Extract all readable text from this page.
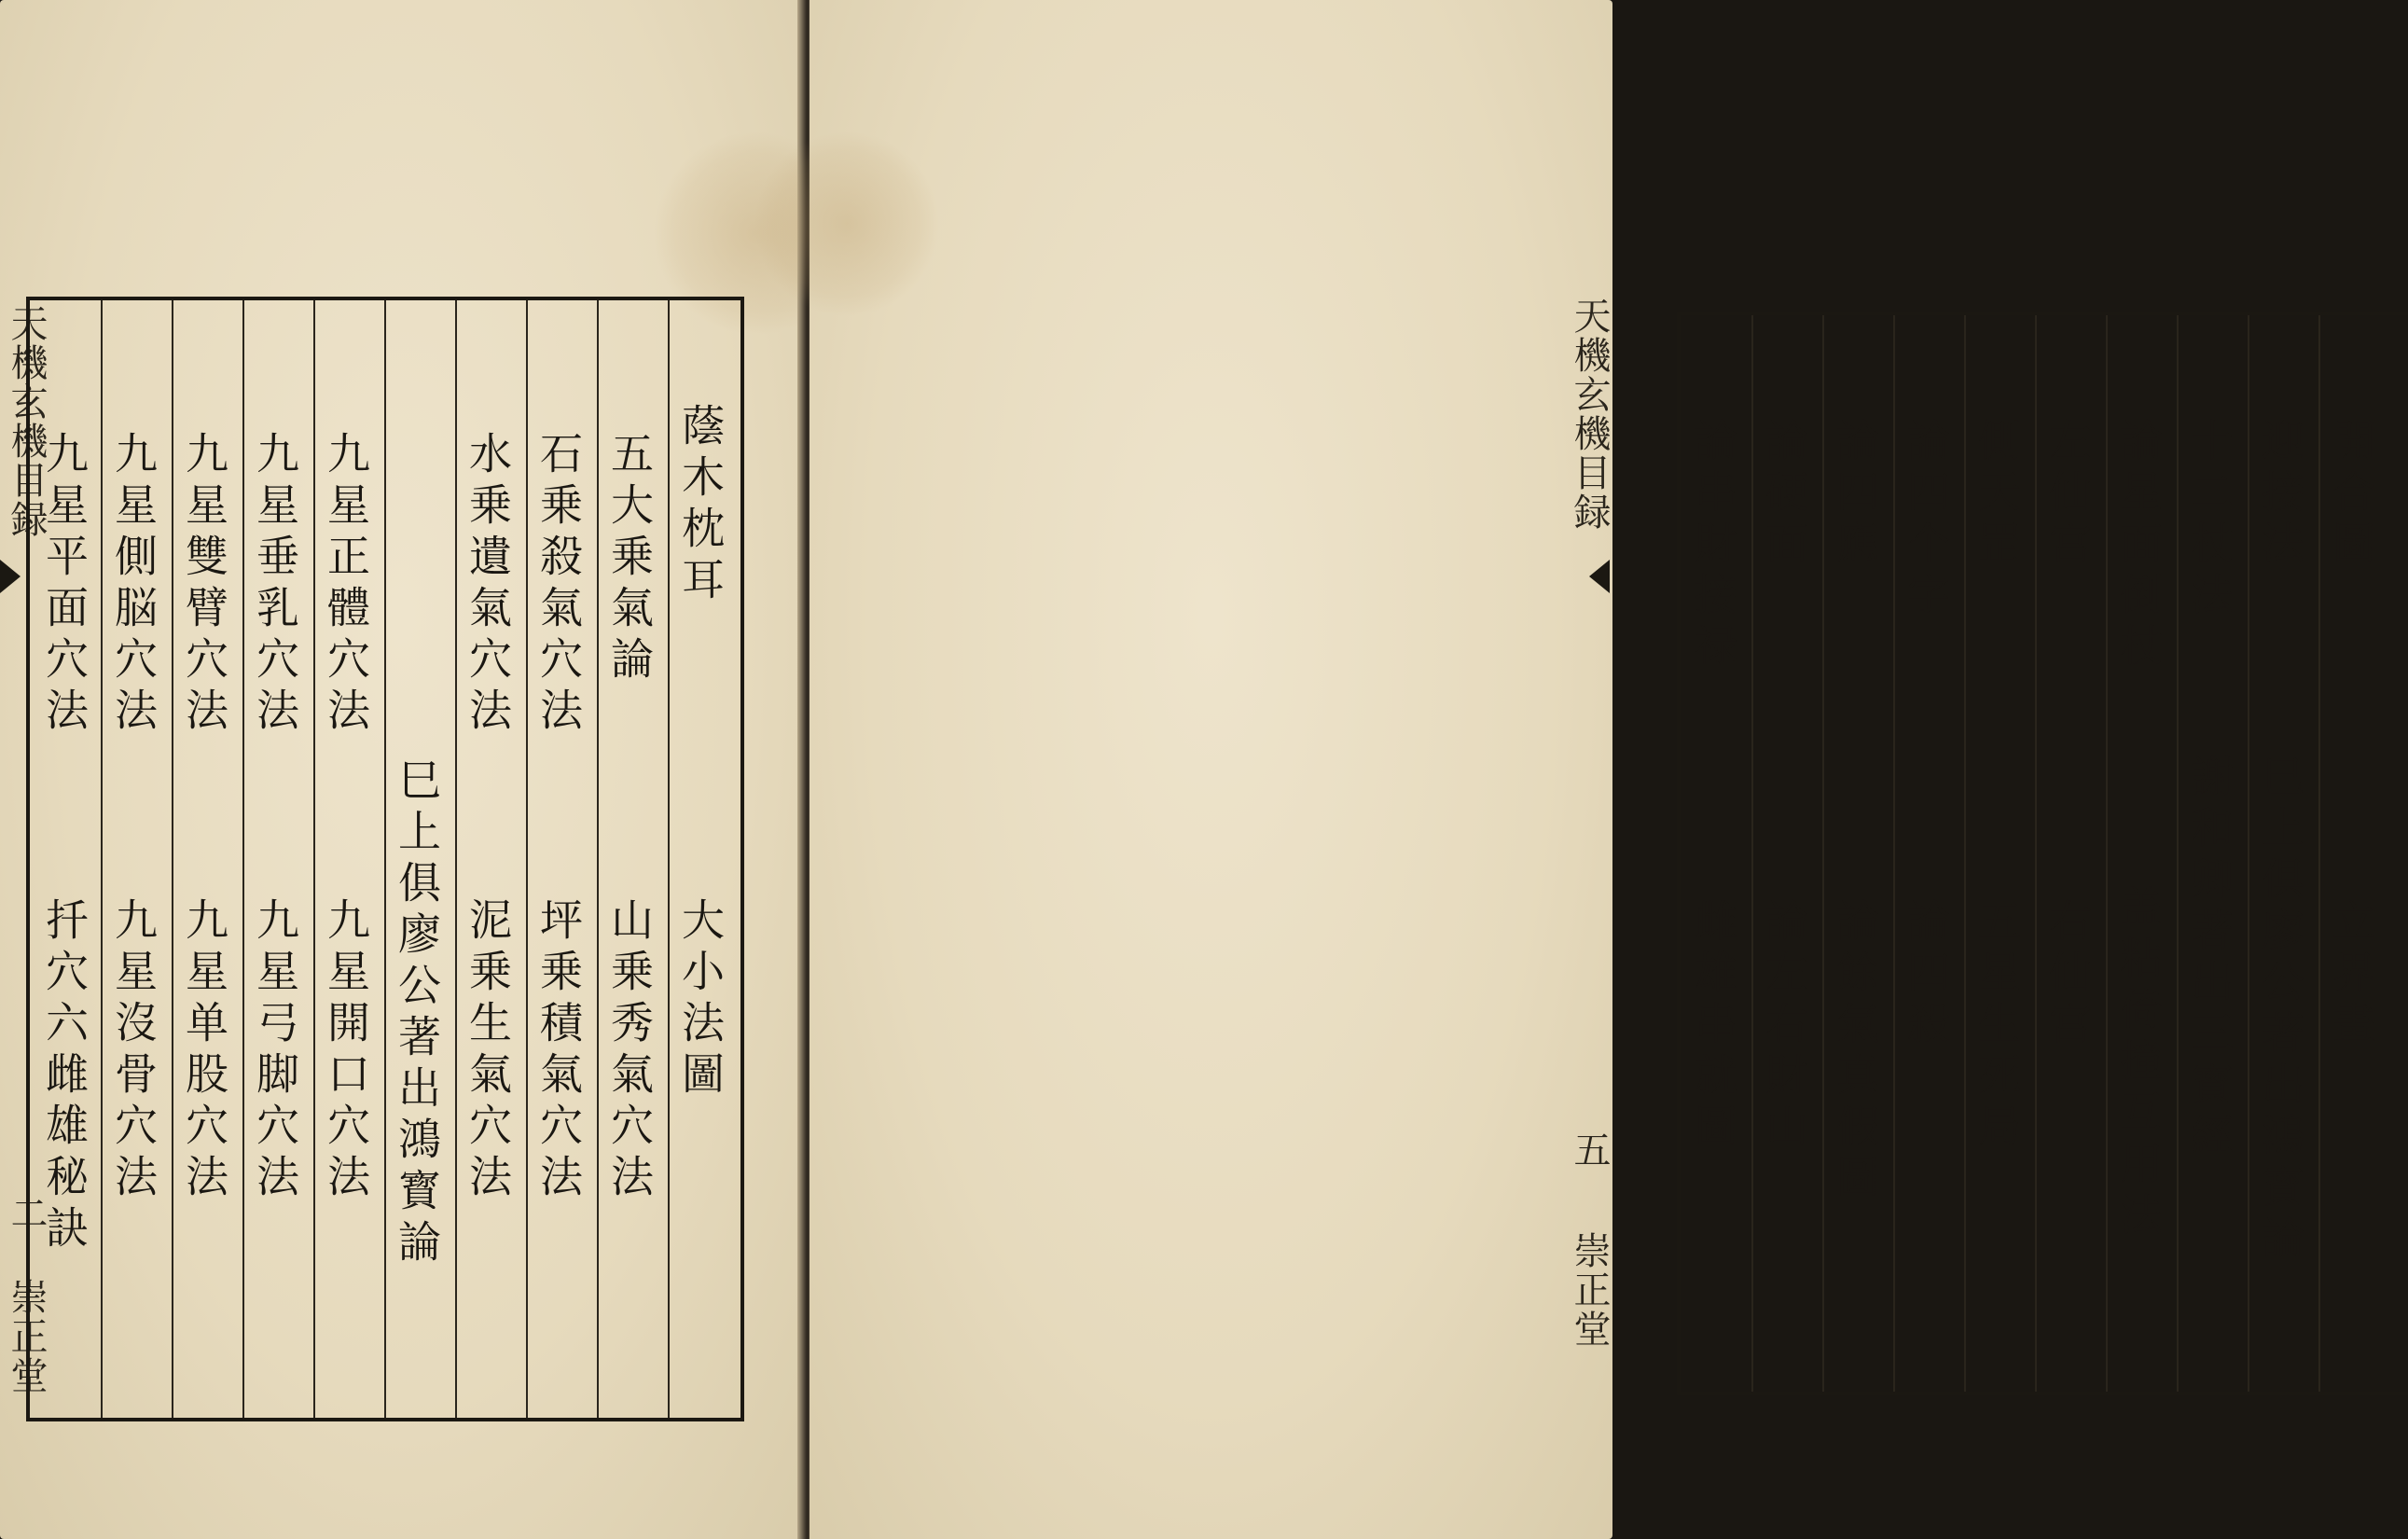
天機玄機目録
二
崇正堂
蔭木枕耳
大小法圖
五大乗氣論
山乗秀氣穴法
石乗殺氣穴法
坪乗積氣穴法
水乗遺氣穴法
泥乗生氣穴法
巳上俱廖公著出鴻寳論
九星正體穴法
九星開口穴法
九星垂乳穴法
九星弓脚穴法
九星雙臂穴法
九星单股穴法
九星側脳穴法
九星沒骨穴法
九星平面穴法
扦穴六雌雄秘訣
開合圖
立界畫
迎接法
巳上俱廖公著出鴻寳論
十二杖法
謝和卿著出三寳經
論星面倒杖
盖粘倚撞互用法
左仙宫
右仙宫
側天罡
五星生死局
論四个字
論四殺
論四應
論餘氣真假圖
論硬面
論左右財山
論串財接禄
雌雄串就圖
天機玄機目録
五
崇正堂
